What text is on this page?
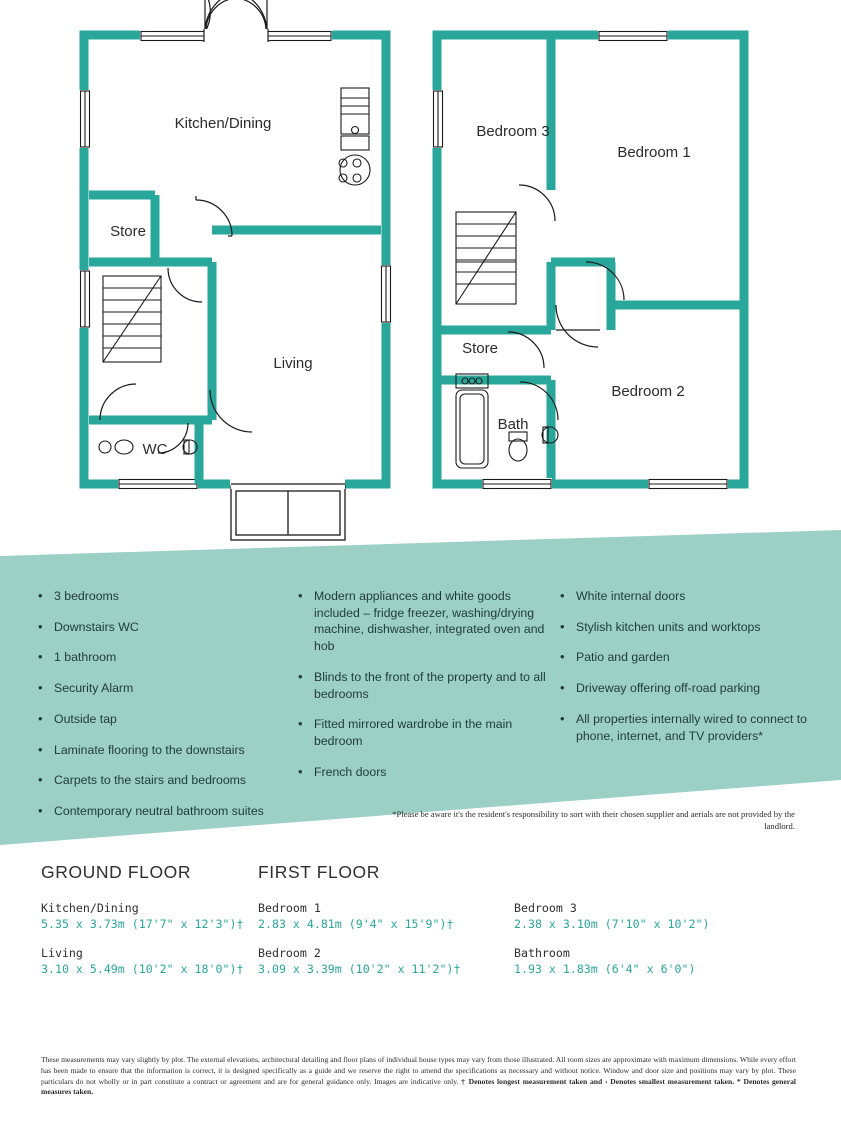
Kitchen/Dining
Store
Living
WC
Bedroom 3
Bedroom 1
Store
Bath
Bedroom 2
• 3 bedrooms
• Downstairs WC
• 1 bathroom
• Security Alarm
• Outside tap
• Laminate flooring to the downstairs
• Carpets to the stairs and bedrooms
• Contemporary neutral bathroom suites
• Modern appliances and white goods included – fridge freezer, washing/drying machine, dishwasher, integrated oven and hob
• Blinds to the front of the property and to all bedrooms
• Fitted mirrored wardrobe in the main bedroom
• French doors
• White internal doors
• Stylish kitchen units and worktops
• Patio and garden
• Driveway offering off-road parking
• All properties internally wired to connect to phone, internet, and TV providers*
*Please be aware it's the resident's responsibility to sort with their chosen supplier and aerials are not provided by the landlord.
GROUND FLOOR
Kitchen/Dining
5.35 x 3.73m (17'7" x 12'3")†
Living
3.10 x 5.49m (10'2" x 18'0")†
FIRST FLOOR
Bedroom 1
2.83 x 4.81m (9'4" x 15'9")†
Bedroom 2
3.09 x 3.39m (10'2" x 11'2")†

Bedroom 3
2.38 x 3.10m (7'10" x 10'2")
Bathroom
1.93 x 1.83m (6'4" x 6'0")
These measurements may vary slightly by plot. The external elevations, architectural detailing and floor plans of individual house types may vary from those illustrated. All room sizes are approximate with maximum dimensions. While every effort has been made to ensure that the information is correct, it is designed specifically as a guide and we reserve the right to amend the specifications as necessary and without notice. Window and door size and positions may vary by plot. These particulars do not wholly or in part constitute a contract or agreement and are for general guidance only. Images are indicative only. † Denotes longest measurement taken and ‹ Denotes smallest measurement taken. * Denotes general measures taken.
